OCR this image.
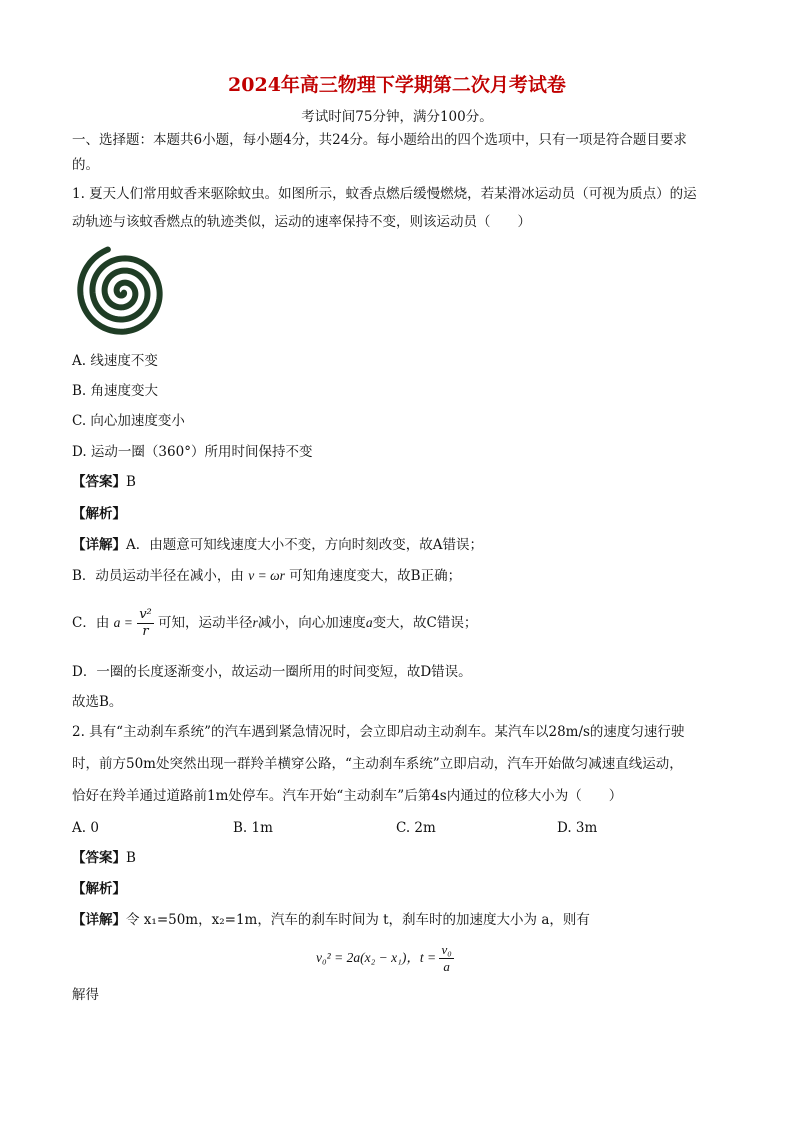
2024年高三物理下学期第二次月考试卷
考试时间75分钟，满分100分。
一、选择题：本题共6小题，每小题4分，共24分。每小题给出的四个选项中，只有一项是符合题目要求
的。
1. 夏天人们常用蚊香来驱除蚊虫。如图所示，蚊香点燃后缓慢燃烧，若某滑冰运动员（可视为质点）的运
动轨迹与该蚊香燃点的轨迹类似，运动的速率保持不变，则该运动员（　　）
A. 线速度不变
B. 角速度变大
C. 向心加速度变小
D. 运动一圈（360°）所用时间保持不变
【答案】B
【解析】
【详解】A．由题意可知线速度大小不变，方向时刻改变，故A错误；
B．动员运动半径在减小，由 v = ωr 可知角速度变大，故B正确；
C．由 $a = \frac{\text{v²}}{r}$ 可知，运动半径r减小，向心加速度a变大，故C错误；
D．一圈的长度逐渐变小，故运动一圈所用的时间变短，故D错误。
故选B。
2. 具有“主动刹车系统”的汽车遇到紧急情况时，会立即启动主动刹车。某汽车以28m/s的速度匀速行驶
时，前方50m处突然出现一群羚羊横穿公路，“主动刹车系统”立即启动，汽车开始做匀减速直线运动，
恰好在羚羊通过道路前1m处停车。汽车开始“主动刹车”后第4s内通过的位移大小为（　　）
A. 0	B. 1m	C. 2m	D. 3m
【答案】B
【解析】
【详解】令 x₁=50m，x₂=1m，汽车的刹车时间为 t，刹车时的加速度大小为 a，则有
v₀² = 2a(x₂ − x₁)，$t = \frac{\text{v₀}}{a}$
解得
